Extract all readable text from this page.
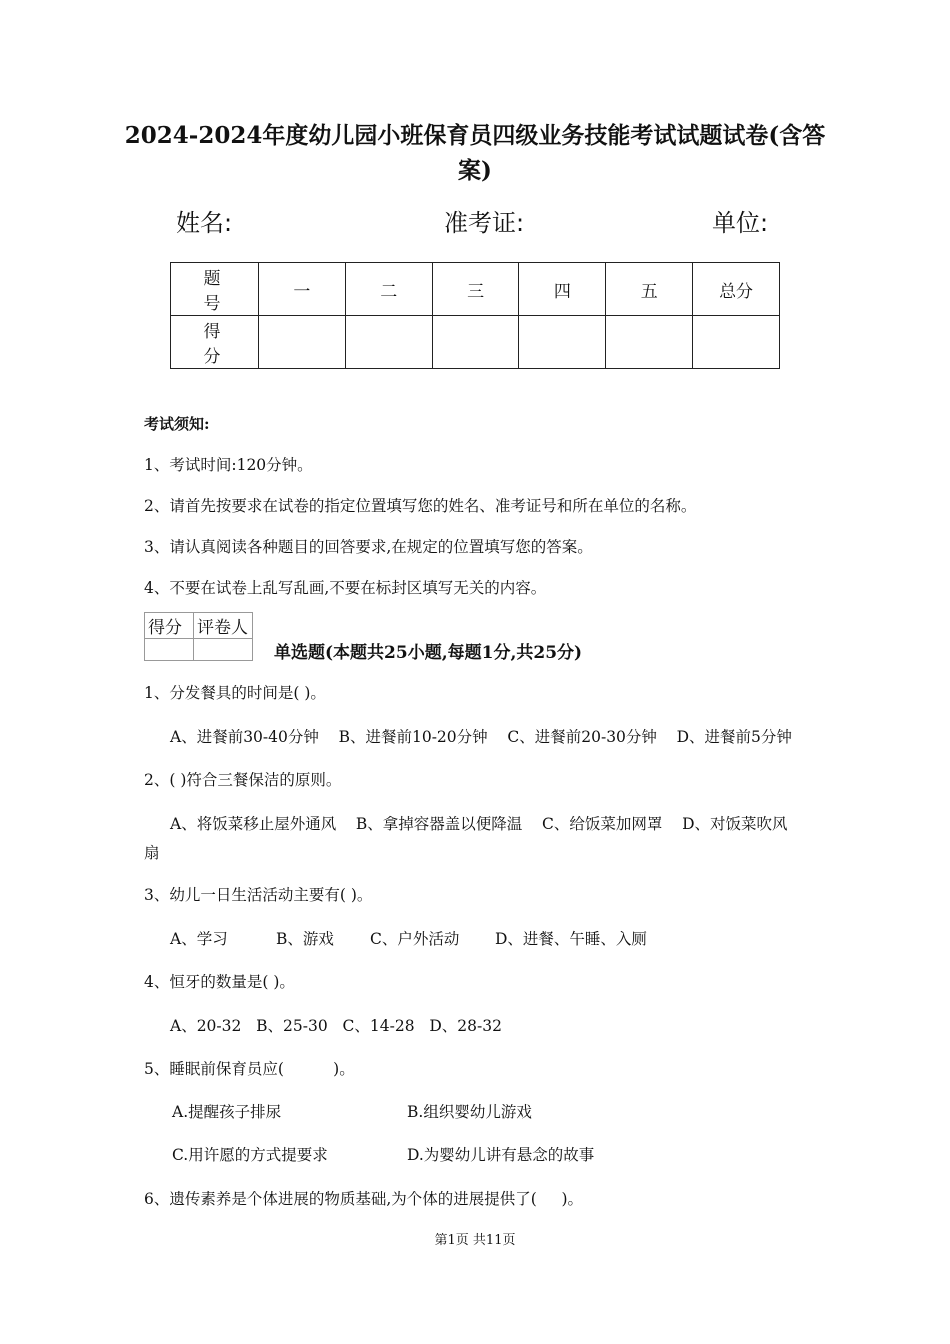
2024-2024年度幼儿园小班保育员四级业务技能考试试题试卷(含答
案)
姓名:	准考证:	单位:
题号	一	二	三	四	五	总分
得分						
考试须知:
1、考试时间:120分钟。
2、请首先按要求在试卷的指定位置填写您的姓名、准考证号和所在单位的名称。
3、请认真阅读各种题目的回答要求,在规定的位置填写您的答案。
4、不要在试卷上乱写乱画,不要在标封区填写无关的内容。
得分	评卷人

单选题(本题共25小题,每题1分,共25分)
1、分发餐具的时间是( )。
A、进餐前30-40分钟    B、进餐前10-20分钟    C、进餐前20-30分钟    D、进餐前5分钟
2、( )符合三餐保洁的原则。
A、将饭菜移止屋外通风    B、拿掉容器盖以便降温    C、给饭菜加网罩    D、对饭菜吹风
扇
3、幼儿一日生活活动主要有( )。
A、学习	B、游戏 C、户外活动 D、进餐、午睡、入厕
4、恒牙的数量是( )。
A、20-32   B、25-30   C、14-28   D、28-32
5、睡眠前保育员应(          )。
A.提醒孩子排尿	B.组织婴幼儿游戏
C.用许愿的方式提要求	D.为婴幼儿讲有悬念的故事
6、遗传素养是个体进展的物质基础,为个体的进展提供了(     )。
第1页 共11页
